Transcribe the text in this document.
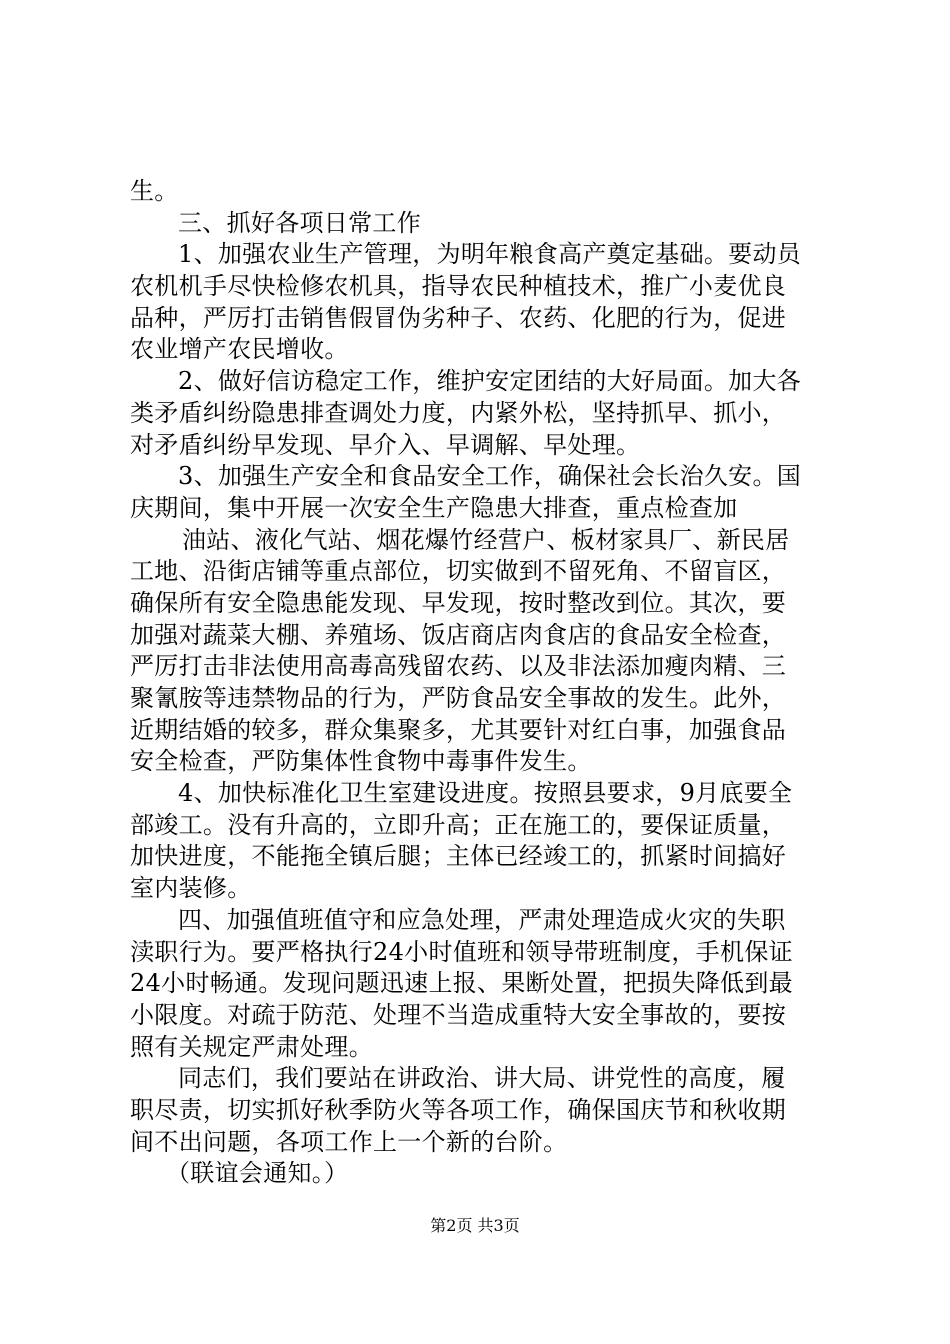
生。
三、抓好各项日常工作
1、加强农业生产管理，为明年粮食高产奠定基础。要动员
农机机手尽快检修农机具，指导农民种植技术，推广小麦优良
品种，严厉打击销售假冒伪劣种子、农药、化肥的行为，促进
农业增产农民增收。
2、做好信访稳定工作，维护安定团结的大好局面。加大各
类矛盾纠纷隐患排查调处力度，内紧外松，坚持抓早、抓小，
对矛盾纠纷早发现、早介入、早调解、早处理。
3、加强生产安全和食品安全工作，确保社会长治久安。国
庆期间，集中开展一次安全生产隐患大排查，重点检查加
油站、液化气站、烟花爆竹经营户、板材家具厂、新民居
工地、沿街店铺等重点部位，切实做到不留死角、不留盲区，
确保所有安全隐患能发现、早发现，按时整改到位。其次，要
加强对蔬菜大棚、养殖场、饭店商店肉食店的食品安全检查，
严厉打击非法使用高毒高残留农药、以及非法添加瘦肉精、三
聚氰胺等违禁物品的行为，严防食品安全事故的发生。此外，
近期结婚的较多，群众集聚多，尤其要针对红白事，加强食品
安全检查，严防集体性食物中毒事件发生。
4、加快标准化卫生室建设进度。按照县要求，9月底要全
部竣工。没有升高的，立即升高；正在施工的，要保证质量，
加快进度，不能拖全镇后腿；主体已经竣工的，抓紧时间搞好
室内装修。
四、加强值班值守和应急处理，严肃处理造成火灾的失职
渎职行为。要严格执行24小时值班和领导带班制度，手机保证
24小时畅通。发现问题迅速上报、果断处置，把损失降低到最
小限度。对疏于防范、处理不当造成重特大安全事故的，要按
照有关规定严肃处理。
同志们，我们要站在讲政治、讲大局、讲党性的高度，履
职尽责，切实抓好秋季防火等各项工作，确保国庆节和秋收期
间不出问题，各项工作上一个新的台阶。
（联谊会通知。）
第2页 共3页
